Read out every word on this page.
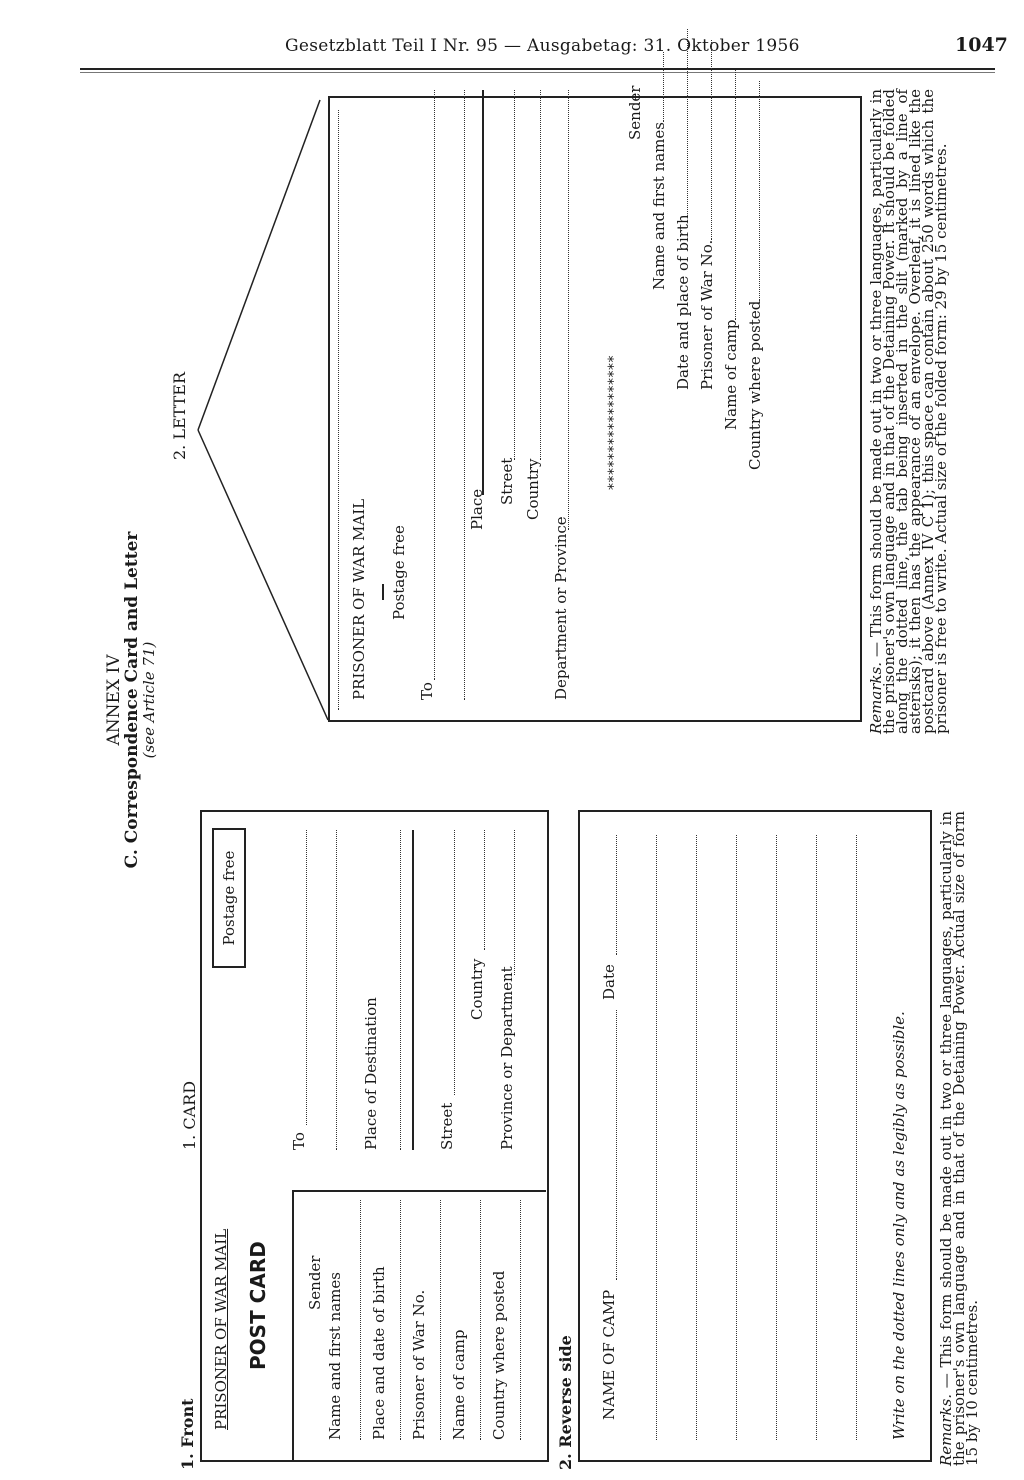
Gesetzblatt Teil I Nr. 95 — Ausgabetag: 31. Oktober 1956	1047
ANNEX IV
C. Correspondence Card and Letter
(see Article 71)
1. CARD
1. Front
PRISONER OF WAR MAIL POST CARD
Postage free
Sender Name and first names Place and date of birth Prisoner of War No. Name of camp Country where posted
To	Place of Destination	Street
Country Province or Department
2. Reverse side NAME OF CAMP
Date
Write on the dotted lines only and as legibly as possible. Remarks. — This form should be made out in two or three languages, particularly in the prisoner's own language and in that of the Detaining Power. Actual size of form 15 by 10 centimetres.
2. LETTER
PRISONER OF WAR MAIL Postage free
To
Place
Street Country
Department or Province
******************
Sender
Name and first names
Date and place of birth Prisoner of War No. Name of camp Country where posted
Remarks. — This form should be made out in two or three languages, particularly in the prisoner's own language and in that of the Detaining Power. It should be folded along the dotted line, the tab being inserted in the slit (marked by a line of asterisks); it then has the appearance of an envelope. Overleaf, it is lined like the postcard above (Annex IV C 1); this space can contain about 250 words which the prisoner is free to write. Actual size of the folded form: 29 by 15 centimetres.
